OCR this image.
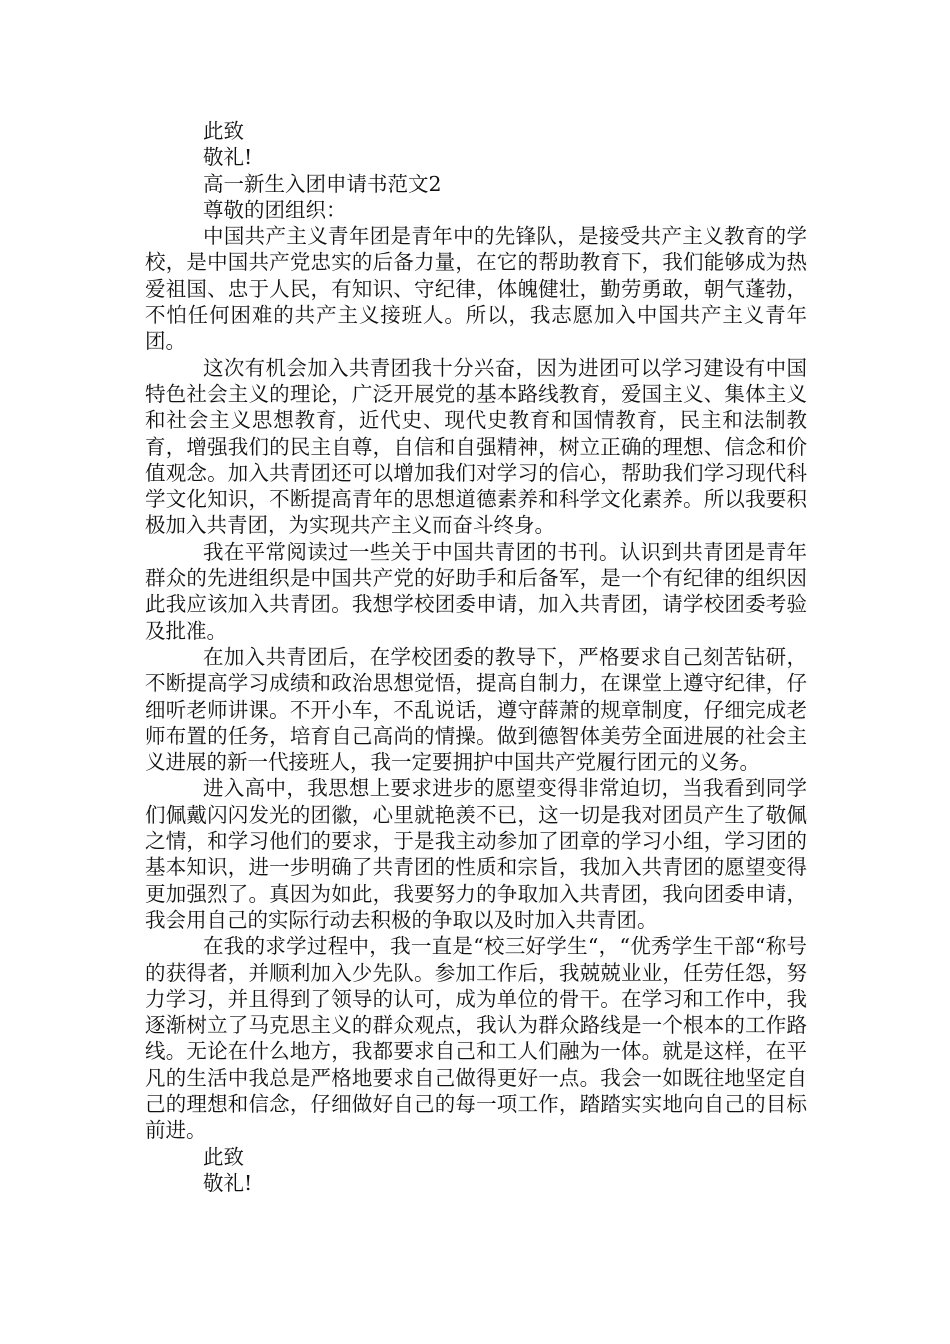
此致

敬礼!

高一新生入团申请书范文2

尊敬的团组织：

中国共产主义青年团是青年中的先锋队，是接受共产主义教育的学校，是中国共产党忠实的后备力量，在它的帮助教育下，我们能够成为热爱祖国、忠于人民，有知识、守纪律，体魄健壮，勤劳勇敢，朝气蓬勃，不怕任何困难的共产主义接班人。所以，我志愿加入中国共产主义青年团。

这次有机会加入共青团我十分兴奋，因为进团可以学习建设有中国特色社会主义的理论，广泛开展党的基本路线教育，爱国主义、集体主义和社会主义思想教育，近代史、现代史教育和国情教育，民主和法制教育，增强我们的民主自尊，自信和自强精神，树立正确的理想、信念和价值观念。加入共青团还可以增加我们对学习的信心，帮助我们学习现代科学文化知识，不断提高青年的思想道德素养和科学文化素养。所以我要积极加入共青团，为实现共产主义而奋斗终身。

我在平常阅读过一些关于中国共青团的书刊。认识到共青团是青年群众的先进组织是中国共产党的好助手和后备军，是一个有纪律的组织因此我应该加入共青团。我想学校团委申请，加入共青团，请学校团委考验及批准。

在加入共青团后，在学校团委的教导下，严格要求自己刻苦钻研，不断提高学习成绩和政治思想觉悟，提高自制力，在课堂上遵守纪律，仔细听老师讲课。不开小车，不乱说话，遵守薛萧的规章制度，仔细完成老师布置的任务，培育自己高尚的情操。做到德智体美劳全面进展的社会主义进展的新一代接班人，我一定要拥护中国共产党履行团元的义务。

进入高中，我思想上要求进步的愿望变得非常迫切，当我看到同学们佩戴闪闪发光的团徽，心里就艳羡不已，这一切是我对团员产生了敬佩之情，和学习他们的要求，于是我主动参加了团章的学习小组，学习团的基本知识，进一步明确了共青团的性质和宗旨，我加入共青团的愿望变得更加强烈了。真因为如此，我要努力的争取加入共青团，我向团委申请，我会用自己的实际行动去积极的争取以及时加入共青团。

在我的求学过程中，我一直是“校三好学生“，“优秀学生干部“称号的获得者，并顺利加入少先队。参加工作后，我兢兢业业，任劳任怨，努力学习，并且得到了领导的认可，成为单位的骨干。在学习和工作中，我逐渐树立了马克思主义的群众观点，我认为群众路线是一个根本的工作路线。无论在什么地方，我都要求自己和工人们融为一体。就是这样，在平凡的生活中我总是严格地要求自己做得更好一点。我会一如既往地坚定自己的理想和信念，仔细做好自己的每一项工作，踏踏实实地向自己的目标前进。

此致

敬礼!
